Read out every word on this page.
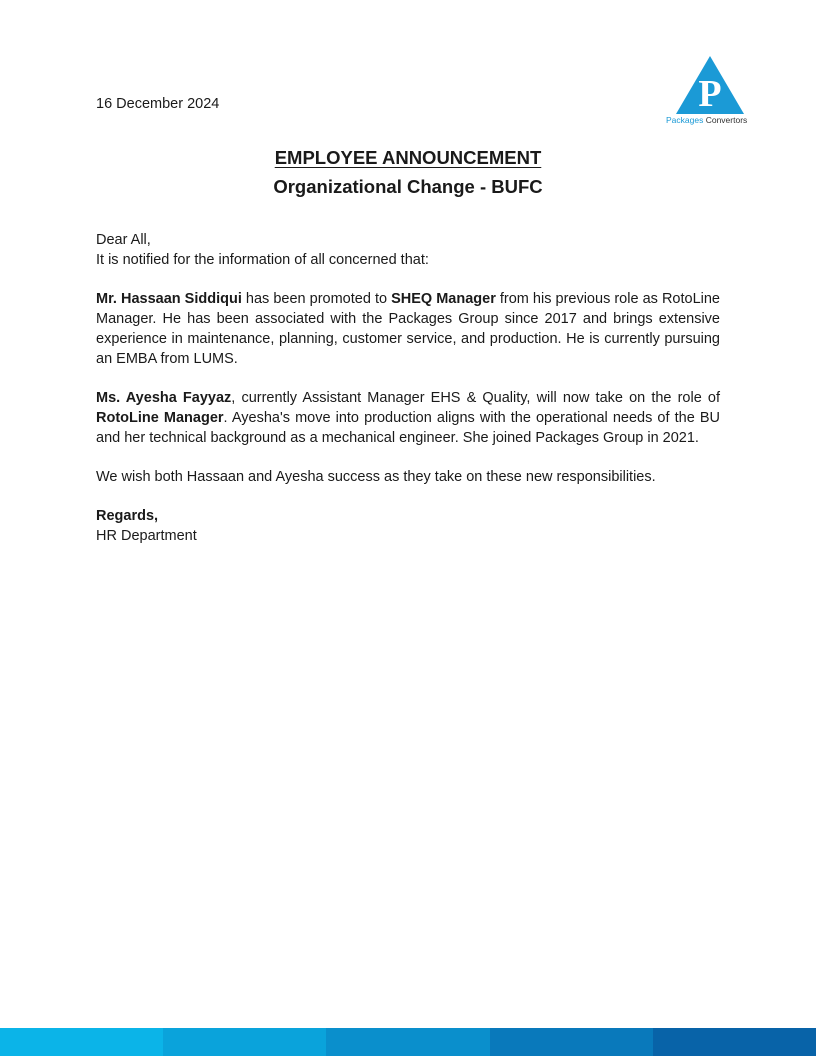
16 December 2024	P
Packages Convertors
EMPLOYEE ANNOUNCEMENT
Organizational Change - BUFC

Dear All,

It is notified for the information of all concerned that:

Mr. Hassaan Siddiqui has been promoted to SHEQ Manager from his previous role as RotoLine Manager. He has been associated with the Packages Group since 2017 and brings extensive experience in maintenance, planning, customer service, and production. He is currently pursuing an EMBA from LUMS.

Ms. Ayesha Fayyaz, currently Assistant Manager EHS & Quality, will now take on the role of RotoLine Manager. Ayesha's move into production aligns with the operational needs of the BU and her technical background as a mechanical engineer. She joined Packages Group in 2021.

We wish both Hassaan and Ayesha success as they take on these new responsibilities.

Regards,

HR Department
